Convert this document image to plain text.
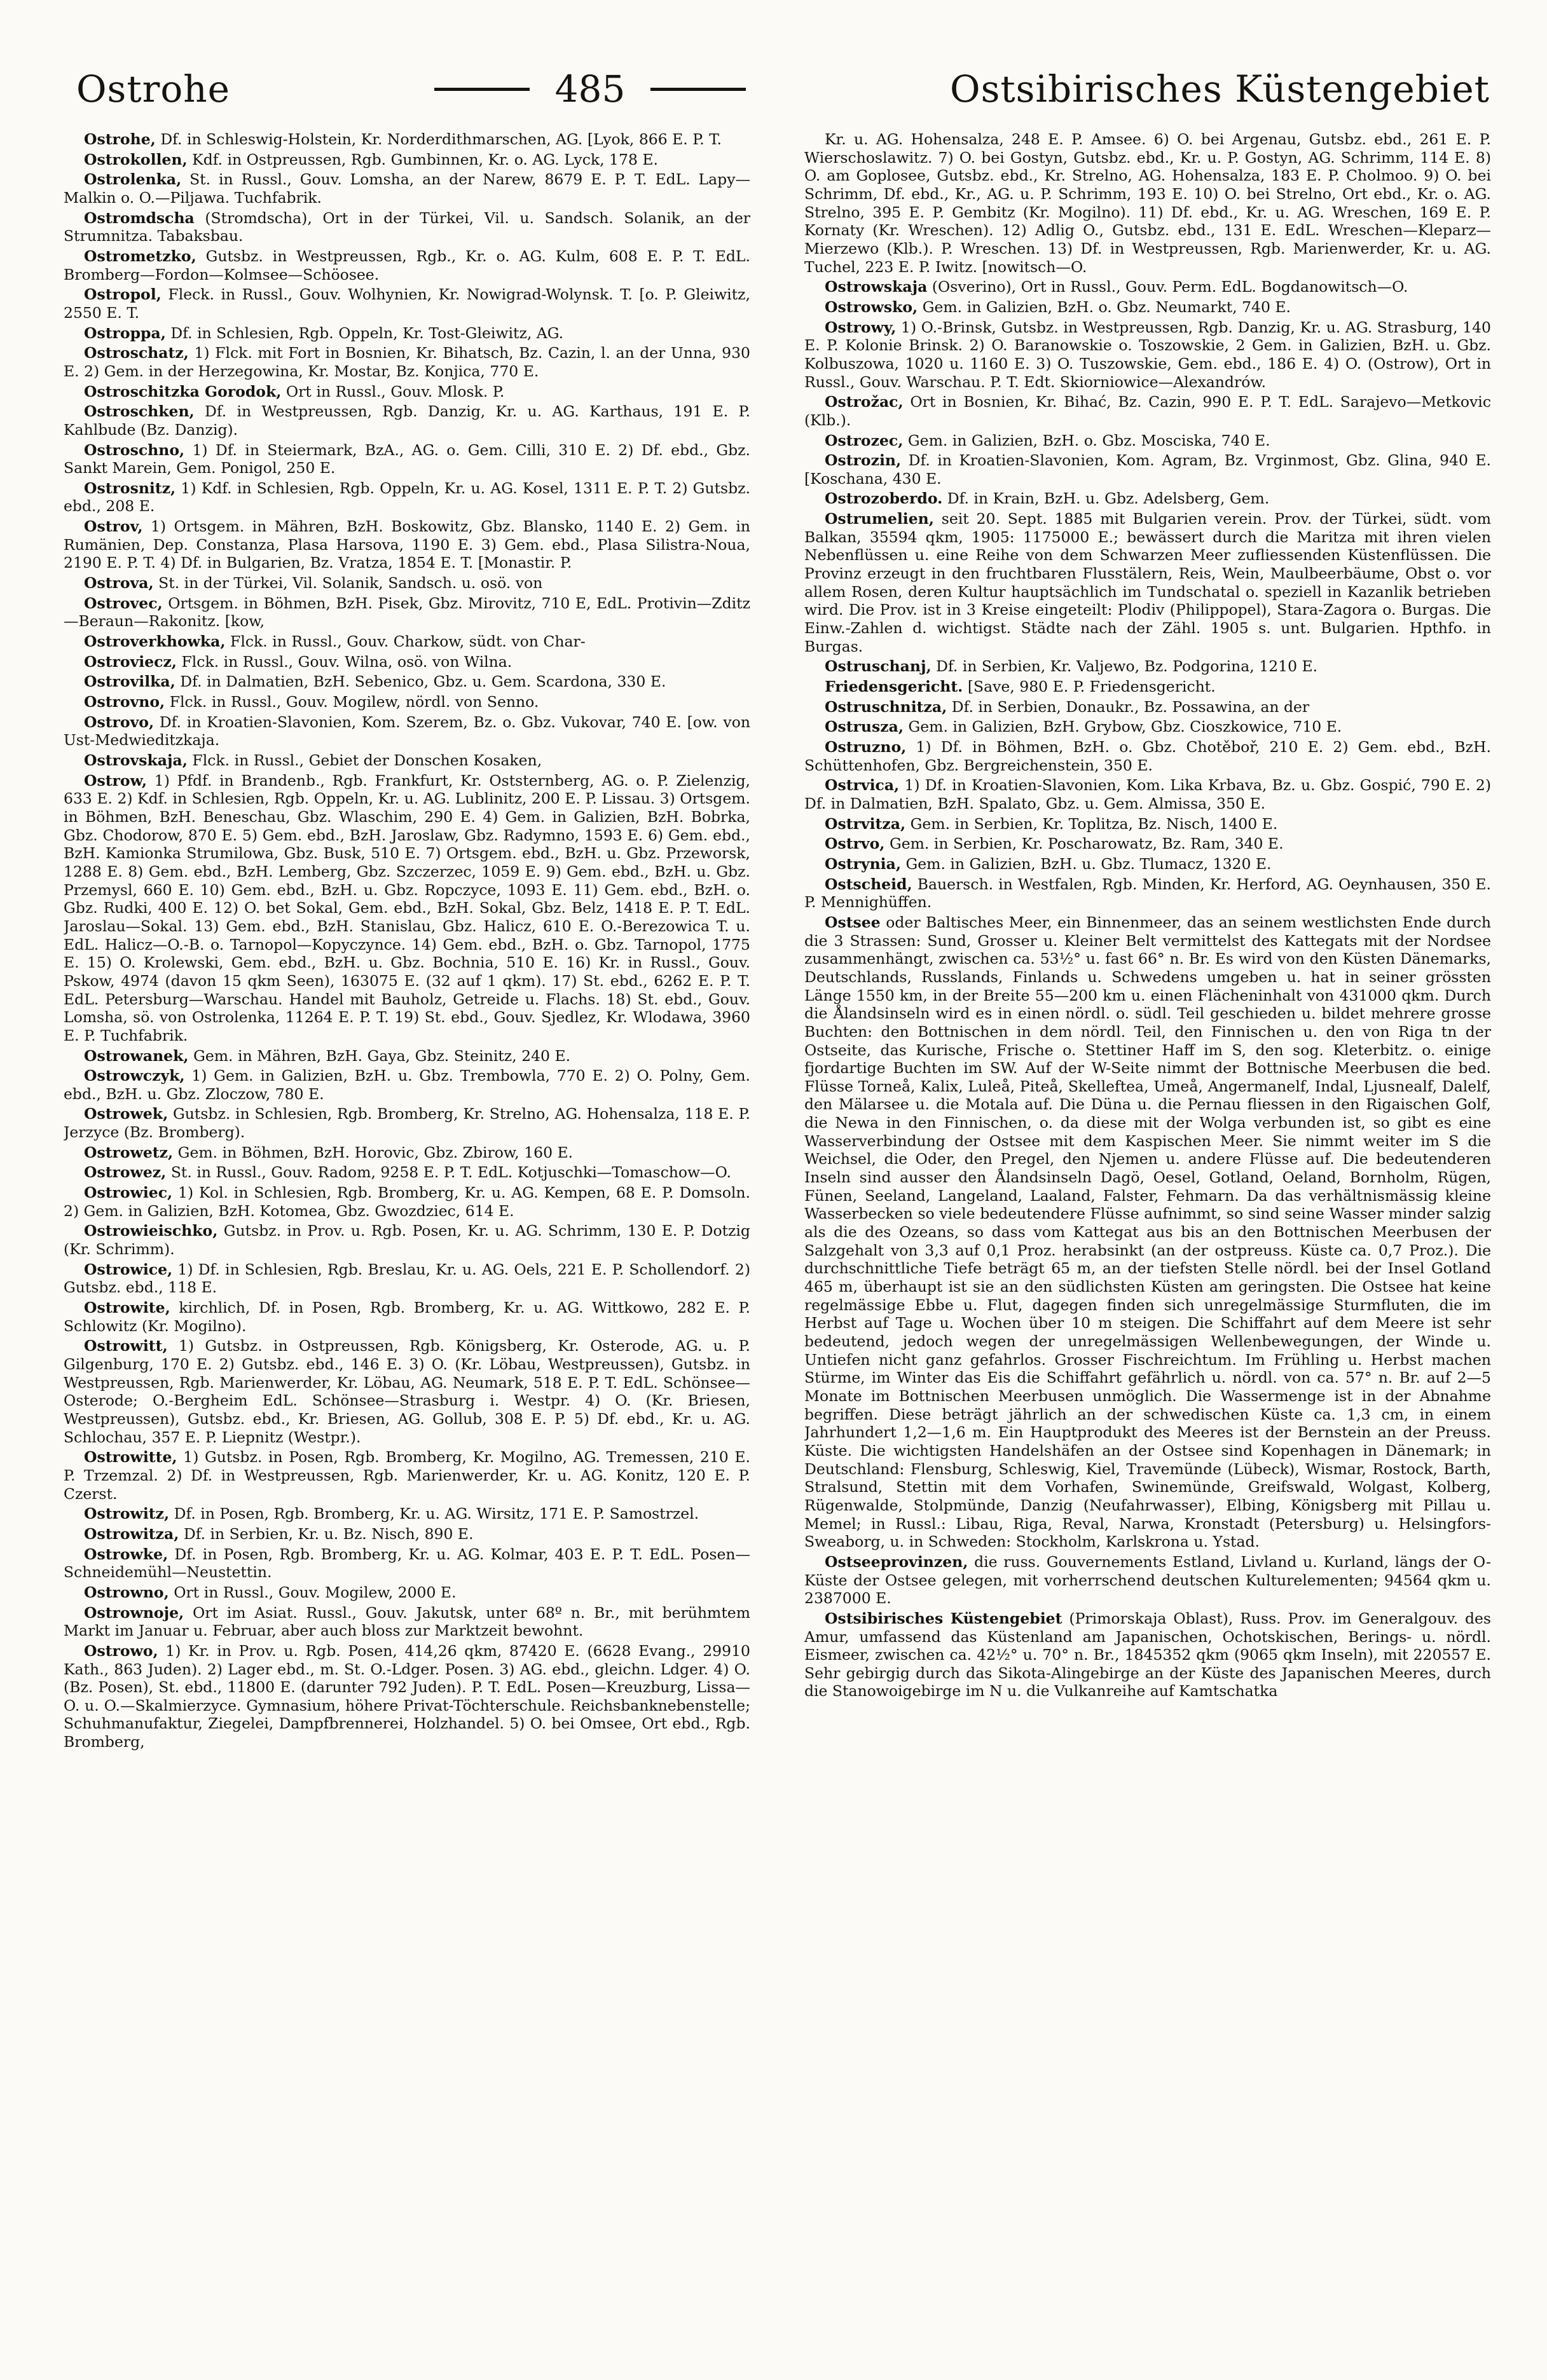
Ostrohe	485	Ostsibirisches Küstengebiet

Ostrohe, Df. in Schleswig-Holstein, Kr. Norderdithmarschen, AG. [Lyok, 866 E. P. T.

Ostrokollen, Kdf. in Ostpreussen, Rgb. Gumbinnen, Kr. o. AG. Lyck, 178 E.

Ostrolenka, St. in Russl., Gouv. Lomsha, an der Narew, 8679 E. P. T. EdL. Lapy—Malkin o. O.—Piljawa. Tuchfabrik.

Ostromdscha (Stromdscha), Ort in der Türkei, Vil. u. Sandsch. Solanik, an der Strumnitza. Tabaksbau.

Ostrometzko, Gutsbz. in Westpreussen, Rgb., Kr. o. AG. Kulm, 608 E. P. T. EdL. Bromberg—Fordon—Kolmsee—Schöosee.

Ostropol, Fleck. in Russl., Gouv. Wolhynien, Kr. Nowigrad-Wolynsk. T. [o. P. Gleiwitz, 2550 E. T.

Ostroppa, Df. in Schlesien, Rgb. Oppeln, Kr. Tost-Gleiwitz, AG.

Ostroschatz, 1) Flck. mit Fort in Bosnien, Kr. Bihatsch, Bz. Cazin, l. an der Unna, 930 E. 2) Gem. in der Herzegowina, Kr. Mostar, Bz. Konjica, 770 E.

Ostroschitzka Gorodok, Ort in Russl., Gouv. Mlosk. P.

Ostroschken, Df. in Westpreussen, Rgb. Danzig, Kr. u. AG. Karthaus, 191 E. P. Kahlbude (Bz. Danzig).

Ostroschno, 1) Df. in Steiermark, BzA., AG. o. Gem. Cilli, 310 E. 2) Df. ebd., Gbz. Sankt Marein, Gem. Ponigol, 250 E.

Ostrosnitz, 1) Kdf. in Schlesien, Rgb. Oppeln, Kr. u. AG. Kosel, 1311 E. P. T. 2) Gutsbz. ebd., 208 E.

Ostrov, 1) Ortsgem. in Mähren, BzH. Boskowitz, Gbz. Blansko, 1140 E. 2) Gem. in Rumänien, Dep. Constanza, Plasa Harsova, 1190 E. 3) Gem. ebd., Plasa Silistra-Noua, 2190 E. P. T. 4) Df. in Bulgarien, Bz. Vratza, 1854 E. T. [Monastir. P.

Ostrova, St. in der Türkei, Vil. Solanik, Sandsch. u. osö. von

Ostrovec, Ortsgem. in Böhmen, BzH. Pisek, Gbz. Mirovitz, 710 E, EdL. Protivin—Zditz—Beraun—Rakonitz. [kow,

Ostroverkhowka, Flck. in Russl., Gouv. Charkow, südt. von Char-

Ostroviecz, Flck. in Russl., Gouv. Wilna, osö. von Wilna.

Ostrovilka, Df. in Dalmatien, BzH. Sebenico, Gbz. u. Gem. Scardona, 330 E.

Ostrovno, Flck. in Russl., Gouv. Mogilew, nördl. von Senno.

Ostrovo, Df. in Kroatien-Slavonien, Kom. Szerem, Bz. o. Gbz. Vukovar, 740 E. [ow. von Ust-Medwieditzkaja.

Ostrovskaja, Flck. in Russl., Gebiet der Donschen Kosaken,

Ostrow, 1) Pfdf. in Brandenb., Rgb. Frankfurt, Kr. Oststernberg, AG. o. P. Zielenzig, 633 E. 2) Kdf. in Schlesien, Rgb. Oppeln, Kr. u. AG. Lublinitz, 200 E. P. Lissau. 3) Ortsgem. in Böhmen, BzH. Beneschau, Gbz. Wlaschim, 290 E. 4) Gem. in Galizien, BzH. Bobrka, Gbz. Chodorow, 870 E. 5) Gem. ebd., BzH. Jaroslaw, Gbz. Radymno, 1593 E. 6) Gem. ebd., BzH. Kamionka Strumilowa, Gbz. Busk, 510 E. 7) Ortsgem. ebd., BzH. u. Gbz. Przeworsk, 1288 E. 8) Gem. ebd., BzH. Lemberg, Gbz. Szczerzec, 1059 E. 9) Gem. ebd., BzH. u. Gbz. Przemysl, 660 E. 10) Gem. ebd., BzH. u. Gbz. Ropczyce, 1093 E. 11) Gem. ebd., BzH. o. Gbz. Rudki, 400 E. 12) O. bet Sokal, Gem. ebd., BzH. Sokal, Gbz. Belz, 1418 E. P. T. EdL. Jaroslau—Sokal. 13) Gem. ebd., BzH. Stanislau, Gbz. Halicz, 610 E. O.-Berezowica T. u. EdL. Halicz—O.-B. o. Tarnopol—Kopyczynce. 14) Gem. ebd., BzH. o. Gbz. Tarnopol, 1775 E. 15) O. Krolewski, Gem. ebd., BzH. u. Gbz. Bochnia, 510 E. 16) Kr. in Russl., Gouv. Pskow, 4974 (davon 15 qkm Seen), 163075 E. (32 auf 1 qkm). 17) St. ebd., 6262 E. P. T. EdL. Petersburg—Warschau. Handel mit Bauholz, Getreide u. Flachs. 18) St. ebd., Gouv. Lomsha, sö. von Ostrolenka, 11264 E. P. T. 19) St. ebd., Gouv. Sjedlez, Kr. Wlodawa, 3960 E. P. Tuchfabrik.

Ostrowanek, Gem. in Mähren, BzH. Gaya, Gbz. Steinitz, 240 E.

Ostrowczyk, 1) Gem. in Galizien, BzH. u. Gbz. Trembowla, 770 E. 2) O. Polny, Gem. ebd., BzH. u. Gbz. Zloczow, 780 E.

Ostrowek, Gutsbz. in Schlesien, Rgb. Bromberg, Kr. Strelno, AG. Hohensalza, 118 E. P. Jerzyce (Bz. Bromberg).

Ostrowetz, Gem. in Böhmen, BzH. Horovic, Gbz. Zbirow, 160 E.

Ostrowez, St. in Russl., Gouv. Radom, 9258 E. P. T. EdL. Kotjuschki—Tomaschow—O.

Ostrowiec, 1) Kol. in Schlesien, Rgb. Bromberg, Kr. u. AG. Kempen, 68 E. P. Domsoln. 2) Gem. in Galizien, BzH. Kotomea, Gbz. Gwozdziec, 614 E.

Ostrowieischko, Gutsbz. in Prov. u. Rgb. Posen, Kr. u. AG. Schrimm, 130 E. P. Dotzig (Kr. Schrimm).

Ostrowice, 1) Df. in Schlesien, Rgb. Breslau, Kr. u. AG. Oels, 221 E. P. Schollendorf. 2) Gutsbz. ebd., 118 E.

Ostrowite, kirchlich, Df. in Posen, Rgb. Bromberg, Kr. u. AG. Wittkowo, 282 E. P. Schlowitz (Kr. Mogilno).

Ostrowitt, 1) Gutsbz. in Ostpreussen, Rgb. Königsberg, Kr. Osterode, AG. u. P. Gilgenburg, 170 E. 2) Gutsbz. ebd., 146 E. 3) O. (Kr. Löbau, Westpreussen), Gutsbz. in Westpreussen, Rgb. Marienwerder, Kr. Löbau, AG. Neumark, 518 E. P. T. EdL. Schönsee—Osterode; O.-Bergheim EdL. Schönsee—Strasburg i. Westpr. 4) O. (Kr. Briesen, Westpreussen), Gutsbz. ebd., Kr. Briesen, AG. Gollub, 308 E. P. 5) Df. ebd., Kr. u. AG. Schlochau, 357 E. P. Liepnitz (Westpr.).

Ostrowitte, 1) Gutsbz. in Posen, Rgb. Bromberg, Kr. Mogilno, AG. Tremessen, 210 E. P. Trzemzal. 2) Df. in Westpreussen, Rgb. Marienwerder, Kr. u. AG. Konitz, 120 E. P. Czerst.

Ostrowitz, Df. in Posen, Rgb. Bromberg, Kr. u. AG. Wirsitz, 171 E. P. Samostrzel.

Ostrowitza, Df. in Serbien, Kr. u. Bz. Nisch, 890 E.

Ostrowke, Df. in Posen, Rgb. Bromberg, Kr. u. AG. Kolmar, 403 E. P. T. EdL. Posen—Schneidemühl—Neustettin.

Ostrowno, Ort in Russl., Gouv. Mogilew, 2000 E.

Ostrownoje, Ort im Asiat. Russl., Gouv. Jakutsk, unter 68º n. Br., mit berühmtem Markt im Januar u. Februar, aber auch bloss zur Marktzeit bewohnt.

Ostrowo, 1) Kr. in Prov. u. Rgb. Posen, 414,26 qkm, 87420 E. (6628 Evang., 29910 Kath., 863 Juden). 2) Lager ebd., m. St. O.-Ldger. Posen. 3) AG. ebd., gleichn. Ldger. 4) O. (Bz. Posen), St. ebd., 11800 E. (darunter 792 Juden). P. T. EdL. Posen—Kreuzburg, Lissa—O. u. O.—Skalmierzyce. Gymnasium, höhere Privat-Töchterschule. Reichsbanknebenstelle; Schuhmanufaktur, Ziegelei, Dampfbrennerei, Holzhandel. 5) O. bei Omsee, Ort ebd., Rgb. Bromberg,

Kr. u. AG. Hohensalza, 248 E. P. Amsee. 6) O. bei Argenau, Gutsbz. ebd., 261 E. P. Wierschoslawitz. 7) O. bei Gostyn, Gutsbz. ebd., Kr. u. P. Gostyn, AG. Schrimm, 114 E. 8) O. am Goplosee, Gutsbz. ebd., Kr. Strelno, AG. Hohensalza, 183 E. P. Cholmoo. 9) O. bei Schrimm, Df. ebd., Kr., AG. u. P. Schrimm, 193 E. 10) O. bei Strelno, Ort ebd., Kr. o. AG. Strelno, 395 E. P. Gembitz (Kr. Mogilno). 11) Df. ebd., Kr. u. AG. Wreschen, 169 E. P. Kornaty (Kr. Wreschen). 12) Adlig O., Gutsbz. ebd., 131 E. EdL. Wreschen—Kleparz—Mierzewo (Klb.). P. Wreschen. 13) Df. in Westpreussen, Rgb. Marienwerder, Kr. u. AG. Tuchel, 223 E. P. Iwitz. [nowitsch—O.

Ostrowskaja (Osverino), Ort in Russl., Gouv. Perm. EdL. Bogdanowitsch—O.

Ostrowsko, Gem. in Galizien, BzH. o. Gbz. Neumarkt, 740 E.

Ostrowy, 1) O.-Brinsk, Gutsbz. in Westpreussen, Rgb. Danzig, Kr. u. AG. Strasburg, 140 E. P. Kolonie Brinsk. 2) O. Baranowskie o. Toszowskie, 2 Gem. in Galizien, BzH. u. Gbz. Kolbuszowa, 1020 u. 1160 E. 3) O. Tuszowskie, Gem. ebd., 186 E. 4) O. (Ostrow), Ort in Russl., Gouv. Warschau. P. T. Edt. Skiorniowice—Alexandrów.

Ostrožac, Ort in Bosnien, Kr. Bihać, Bz. Cazin, 990 E. P. T. EdL. Sarajevo—Metkovic (Klb.).

Ostrozec, Gem. in Galizien, BzH. o. Gbz. Mosciska, 740 E.

Ostrozin, Df. in Kroatien-Slavonien, Kom. Agram, Bz. Vrginmost, Gbz. Glina, 940 E. [Koschana, 430 E.

Ostrozoberdo. Df. in Krain, BzH. u. Gbz. Adelsberg, Gem.

Ostrumelien, seit 20. Sept. 1885 mit Bulgarien verein. Prov. der Türkei, südt. vom Balkan, 35594 qkm, 1905: 1175000 E.; bewässert durch die Maritza mit ihren vielen Nebenflüssen u. eine Reihe von dem Schwarzen Meer zufliessenden Küstenflüssen. Die Provinz erzeugt in den fruchtbaren Flusstälern, Reis, Wein, Maulbeerbäume, Obst o. vor allem Rosen, deren Kultur hauptsächlich im Tundschatal o. speziell in Kazanlik betrieben wird. Die Prov. ist in 3 Kreise eingeteilt: Plodiv (Philippopel), Stara-Zagora o. Burgas. Die Einw.-Zahlen d. wichtigst. Städte nach der Zähl. 1905 s. unt. Bulgarien. Hpthfo. in Burgas.

Ostruschanj, Df. in Serbien, Kr. Valjewo, Bz. Podgorina, 1210 E.

Friedensgericht. [Save, 980 E. P. Friedensgericht.

Ostruschnitza, Df. in Serbien, Donaukr., Bz. Possawina, an der

Ostrusza, Gem. in Galizien, BzH. Grybow, Gbz. Cioszkowice, 710 E.

Ostruzno, 1) Df. in Böhmen, BzH. o. Gbz. Chotěboř, 210 E. 2) Gem. ebd., BzH. Schüttenhofen, Gbz. Bergreichenstein, 350 E.

Ostrvica, 1) Df. in Kroatien-Slavonien, Kom. Lika Krbava, Bz. u. Gbz. Gospić, 790 E. 2) Df. in Dalmatien, BzH. Spalato, Gbz. u. Gem. Almissa, 350 E.

Ostrvitza, Gem. in Serbien, Kr. Toplitza, Bz. Nisch, 1400 E.

Ostrvo, Gem. in Serbien, Kr. Poscharowatz, Bz. Ram, 340 E.

Ostrynia, Gem. in Galizien, BzH. u. Gbz. Tlumacz, 1320 E.

Ostscheid, Bauersch. in Westfalen, Rgb. Minden, Kr. Herford, AG. Oeynhausen, 350 E. P. Mennighüffen.

Ostsee oder Baltisches Meer, ein Binnenmeer, das an seinem westlichsten Ende durch die 3 Strassen: Sund, Grosser u. Kleiner Belt vermittelst des Kattegats mit der Nordsee zusammenhängt, zwischen ca. 53½° u. fast 66° n. Br. Es wird von den Küsten Dänemarks, Deutschlands, Russlands, Finlands u. Schwedens umgeben u. hat in seiner grössten Länge 1550 km, in der Breite 55—200 km u. einen Flächeninhalt von 431000 qkm. Durch die Ålandsinseln wird es in einen nördl. o. südl. Teil geschieden u. bildet mehrere grosse Buchten: den Bottnischen in dem nördl. Teil, den Finnischen u. den von Riga tn der Ostseite, das Kurische, Frische o. Stettiner Haff im S, den sog. Kleterbitz. o. einige fjordartige Buchten im SW. Auf der W-Seite nimmt der Bottnische Meerbusen die bed. Flüsse Torneå, Kalix, Luleå, Piteå, Skelleftea, Umeå, Angermanelf, Indal, Ljusnealf, Dalelf, den Mälarsee u. die Motala auf. Die Düna u. die Pernau fliessen in den Rigaischen Golf, die Newa in den Finnischen, o. da diese mit der Wolga verbunden ist, so gibt es eine Wasserverbindung der Ostsee mit dem Kaspischen Meer. Sie nimmt weiter im S die Weichsel, die Oder, den Pregel, den Njemen u. andere Flüsse auf. Die bedeutenderen Inseln sind ausser den Ålandsinseln Dagö, Oesel, Gotland, Oeland, Bornholm, Rügen, Fünen, Seeland, Langeland, Laaland, Falster, Fehmarn. Da das verhältnismässig kleine Wasserbecken so viele bedeutendere Flüsse aufnimmt, so sind seine Wasser minder salzig als die des Ozeans, so dass vom Kattegat aus bis an den Bottnischen Meerbusen der Salzgehalt von 3,3 auf 0,1 Proz. herabsinkt (an der ostpreuss. Küste ca. 0,7 Proz.). Die durchschnittliche Tiefe beträgt 65 m, an der tiefsten Stelle nördl. bei der Insel Gotland 465 m, überhaupt ist sie an den südlichsten Küsten am geringsten. Die Ostsee hat keine regelmässige Ebbe u. Flut, dagegen finden sich unregelmässige Sturmfluten, die im Herbst auf Tage u. Wochen über 10 m steigen. Die Schiffahrt auf dem Meere ist sehr bedeutend, jedoch wegen der unregelmässigen Wellenbewegungen, der Winde u. Untiefen nicht ganz gefahrlos. Grosser Fischreichtum. Im Frühling u. Herbst machen Stürme, im Winter das Eis die Schiffahrt gefährlich u. nördl. von ca. 57° n. Br. auf 2—5 Monate im Bottnischen Meerbusen unmöglich. Die Wassermenge ist in der Abnahme begriffen. Diese beträgt jährlich an der schwedischen Küste ca. 1,3 cm, in einem Jahrhundert 1,2—1,6 m. Ein Hauptprodukt des Meeres ist der Bernstein an der Preuss. Küste. Die wichtigsten Handelshäfen an der Ostsee sind Kopenhagen in Dänemark; in Deutschland: Flensburg, Schleswig, Kiel, Travemünde (Lübeck), Wismar, Rostock, Barth, Stralsund, Stettin mit dem Vorhafen, Swinemünde, Greifswald, Wolgast, Kolberg, Rügenwalde, Stolpmünde, Danzig (Neufahrwasser), Elbing, Königsberg mit Pillau u. Memel; in Russl.: Libau, Riga, Reval, Narwa, Kronstadt (Petersburg) u. Helsingfors-Sweaborg, u. in Schweden: Stockholm, Karlskrona u. Ystad.

Ostseeprovinzen, die russ. Gouvernements Estland, Livland u. Kurland, längs der O-Küste der Ostsee gelegen, mit vorherrschend deutschen Kulturelementen; 94564 qkm u. 2387000 E.

Ostsibirisches Küstengebiet (Primorskaja Oblast), Russ. Prov. im Generalgouv. des Amur, umfassend das Küstenland am Japanischen, Ochotskischen, Berings- u. nördl. Eismeer, zwischen ca. 42½° u. 70° n. Br., 1845352 qkm (9065 qkm Inseln), mit 220557 E. Sehr gebirgig durch das Sikota-Alingebirge an der Küste des Japanischen Meeres, durch die Stanowoigebirge im N u. die Vulkanreihe auf Kamtschatka
